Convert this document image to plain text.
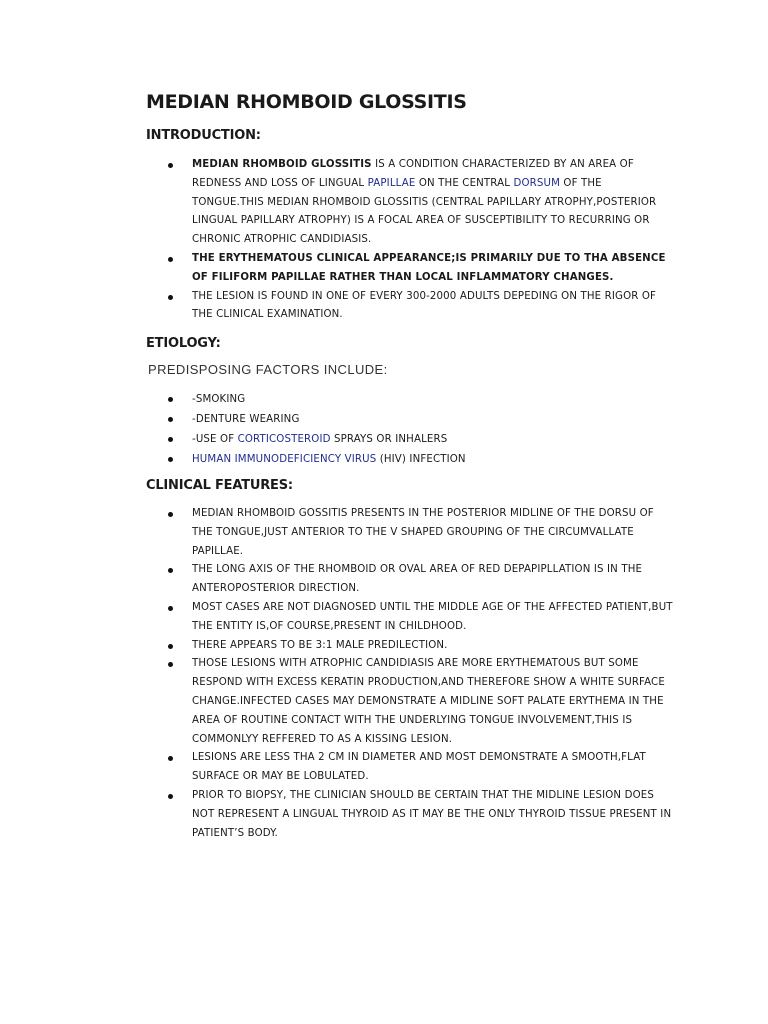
MEDIAN RHOMBOID GLOSSITIS
INTRODUCTION:
MEDIAN RHOMBOID GLOSSITIS IS A CONDITION CHARACTERIZED BY AN AREA OF REDNESS AND LOSS OF LINGUAL PAPILLAE ON THE CENTRAL DORSUM OF THE TONGUE.THIS MEDIAN RHOMBOID GLOSSITIS (CENTRAL PAPILLARY ATROPHY,POSTERIOR LINGUAL PAPILLARY ATROPHY) IS A FOCAL AREA OF SUSCEPTIBILITY TO RECURRING OR CHRONIC ATROPHIC CANDIDIASIS.
THE ERYTHEMATOUS CLINICAL APPEARANCE;IS PRIMARILY DUE TO THA ABSENCE OF FILIFORM PAPILLAE RATHER THAN LOCAL INFLAMMATORY CHANGES.
THE LESION IS FOUND IN ONE OF EVERY 300-2000 ADULTS DEPEDING ON THE RIGOR OF THE CLINICAL EXAMINATION.
ETIOLOGY:

PREDISPOSING FACTORS INCLUDE:

-SMOKING
-DENTURE WEARING
-USE OF CORTICOSTEROID SPRAYS OR INHALERS
HUMAN IMMUNODEFICIENCY VIRUS (HIV) INFECTION
CLINICAL FEATURES:
MEDIAN RHOMBOID GOSSITIS PRESENTS IN THE POSTERIOR MIDLINE OF THE DORSU OF THE TONGUE,JUST ANTERIOR TO THE V SHAPED GROUPING OF THE CIRCUMVALLATE PAPILLAE.
THE LONG AXIS OF THE RHOMBOID OR OVAL AREA OF RED DEPAPIPLLATION IS IN THE ANTEROPOSTERIOR DIRECTION.
MOST CASES ARE NOT DIAGNOSED UNTIL THE MIDDLE AGE OF THE AFFECTED PATIENT,BUT THE ENTITY IS,OF COURSE,PRESENT IN CHILDHOOD.
THERE APPEARS TO BE 3:1 MALE PREDILECTION.
THOSE LESIONS WITH ATROPHIC CANDIDIASIS ARE MORE ERYTHEMATOUS BUT SOME RESPOND WITH EXCESS KERATIN PRODUCTION,AND THEREFORE SHOW A WHITE SURFACE CHANGE.INFECTED CASES MAY DEMONSTRATE A MIDLINE SOFT PALATE ERYTHEMA IN THE AREA OF ROUTINE CONTACT WITH THE UNDERLYING TONGUE INVOLVEMENT,THIS IS COMMONLYY REFFERED TO AS A KISSING LESION.
LESIONS ARE LESS THA 2 CM IN DIAMETER AND MOST DEMONSTRATE A SMOOTH,FLAT SURFACE OR MAY BE LOBULATED.
PRIOR TO BIOPSY, THE CLINICIAN SHOULD BE CERTAIN THAT THE MIDLINE LESION DOES NOT REPRESENT A LINGUAL THYROID AS IT MAY BE THE ONLY THYROID TISSUE PRESENT IN PATIENT’S BODY.
